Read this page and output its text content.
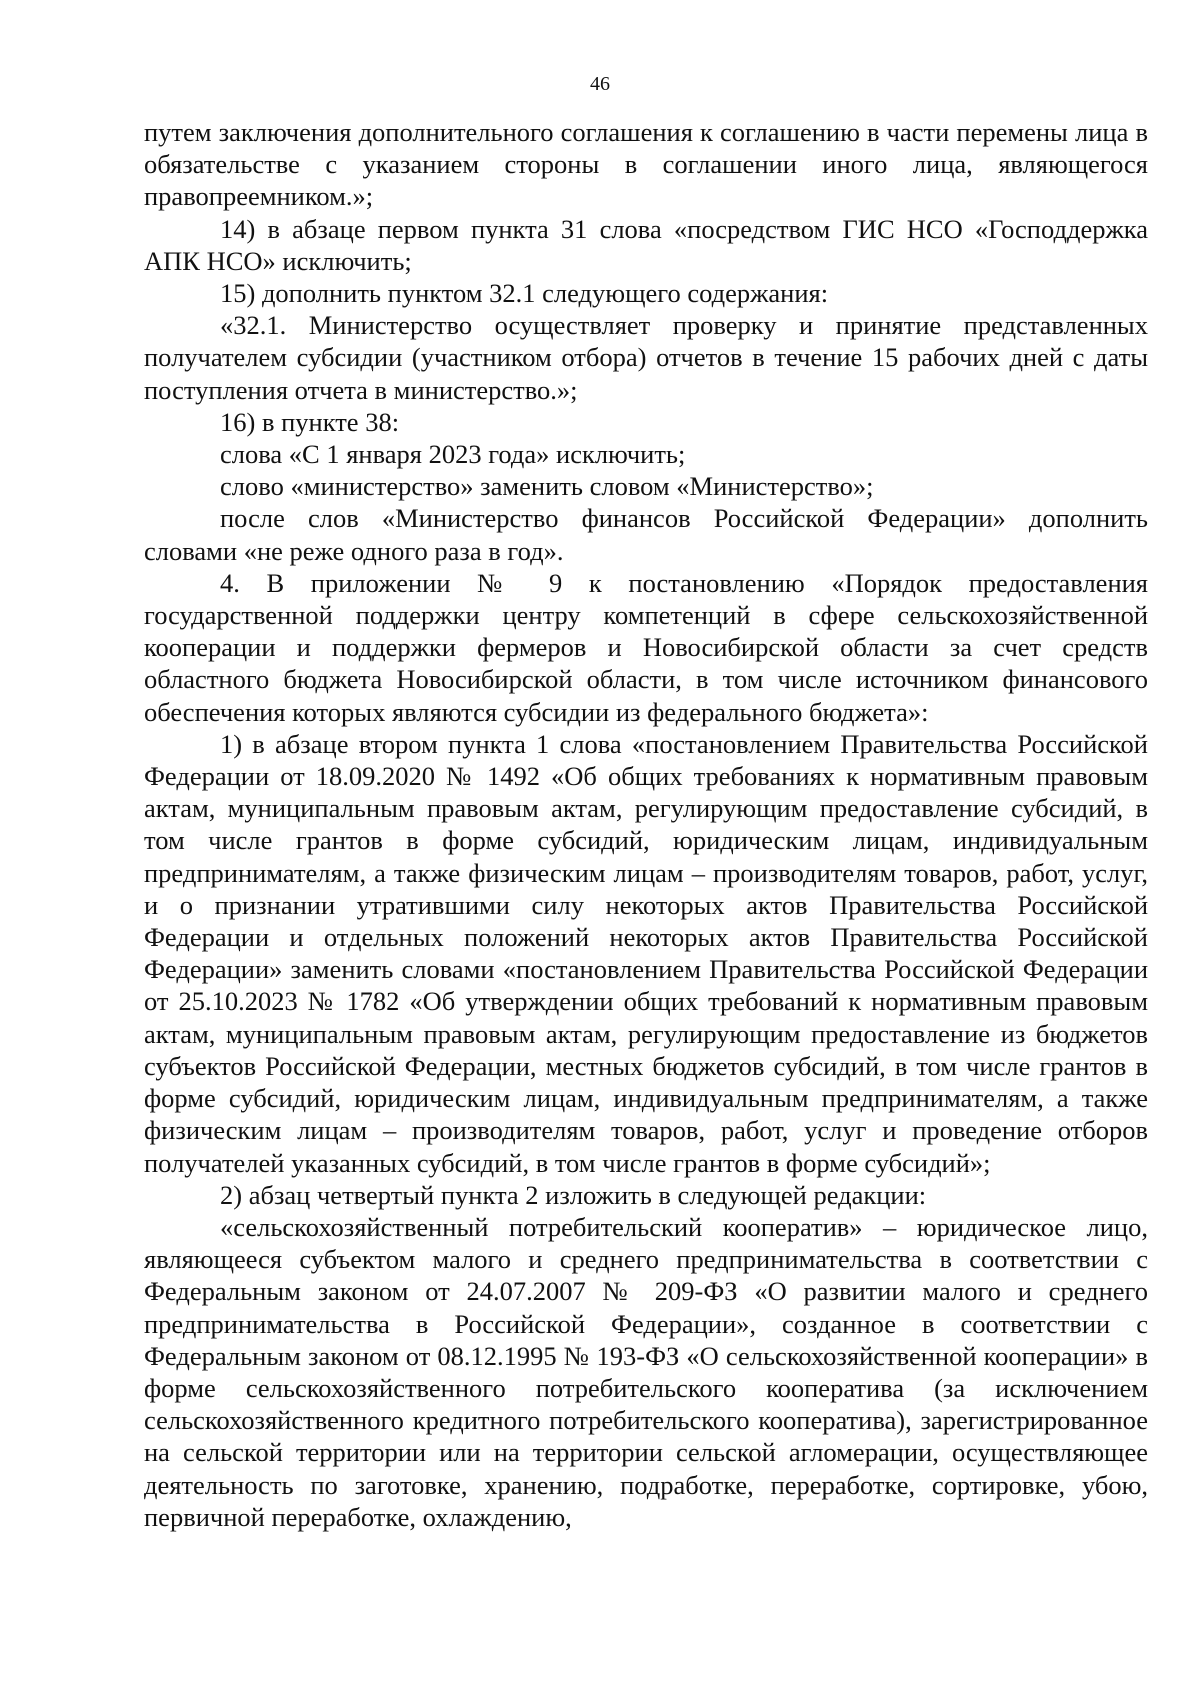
46

путем заключения дополнительного соглашения к соглашению в части перемены лица в обязательстве с указанием стороны в соглашении иного лица, являющегося правопреемником.»;

14) в абзаце первом пункта 31 слова «посредством ГИС НСО «Господдержка АПК НСО» исключить;

15) дополнить пунктом 32.1 следующего содержания:

«32.1. Министерство осуществляет проверку и принятие представленных получателем субсидии (участником отбора) отчетов в течение 15 рабочих дней с даты поступления отчета в министерство.»;

16) в пункте 38:

слова «С 1 января 2023 года» исключить;

слово «министерство» заменить словом «Министерство»;

после слов «Министерство финансов Российской Федерации» дополнить словами «не реже одного раза в год».

4. В приложении № 9 к постановлению «Порядок предоставления государственной поддержки центру компетенций в сфере сельскохозяйственной кооперации и поддержки фермеров и Новосибирской области за счет средств областного бюджета Новосибирской области, в том числе источником финансового обеспечения которых являются субсидии из федерального бюджета»:

1) в абзаце втором пункта 1 слова «постановлением Правительства Российской Федерации от 18.09.2020 № 1492 «Об общих требованиях к нормативным правовым актам, муниципальным правовым актам, регулирующим предоставление субсидий, в том числе грантов в форме субсидий, юридическим лицам, индивидуальным предпринимателям, а также физическим лицам – производителям товаров, работ, услуг, и о признании утратившими силу некоторых актов Правительства Российской Федерации и отдельных положений некоторых актов Правительства Российской Федерации» заменить словами «постановлением Правительства Российской Федерации от 25.10.2023 № 1782 «Об утверждении общих требований к нормативным правовым актам, муниципальным правовым актам, регулирующим предоставление из бюджетов субъектов Российской Федерации, местных бюджетов субсидий, в том числе грантов в форме субсидий, юридическим лицам, индивидуальным предпринимателям, а также физическим лицам – производителям товаров, работ, услуг и проведение отборов получателей указанных субсидий, в том числе грантов в форме субсидий»;

2) абзац четвертый пункта 2 изложить в следующей редакции:

«сельскохозяйственный потребительский кооператив» – юридическое лицо, являющееся субъектом малого и среднего предпринимательства в соответствии с Федеральным законом от 24.07.2007 № 209-ФЗ «О развитии малого и среднего предпринимательства в Российской Федерации», созданное в соответствии с Федеральным законом от 08.12.1995 № 193-ФЗ «О сельскохозяйственной кооперации» в форме сельскохозяйственного потребительского кооператива (за исключением сельскохозяйственного кредитного потребительского кооператива), зарегистрированное на сельской территории или на территории сельской агломерации, осуществляющее деятельность по заготовке, хранению, подработке, переработке, сортировке, убою, первичной переработке, охлаждению,
